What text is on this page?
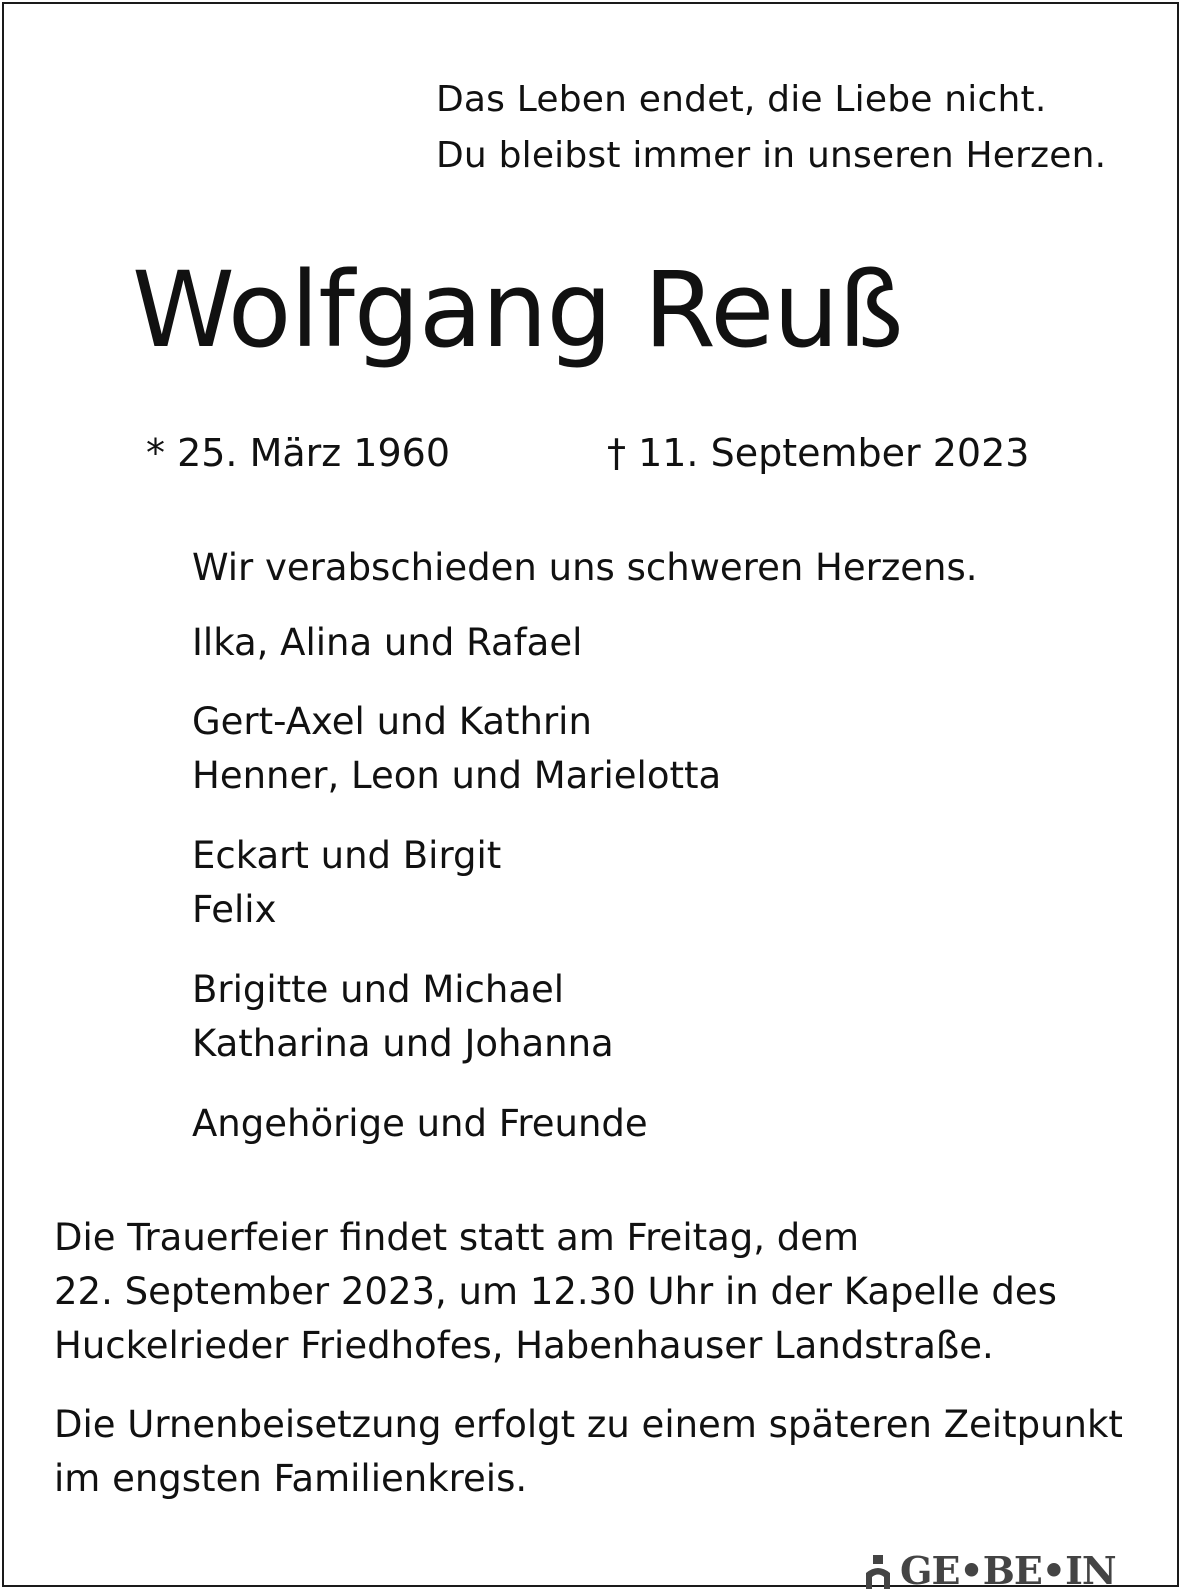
Das Leben endet, die Liebe nicht.
Du bleibst immer in unseren Herzen.
Wolfgang Reuß
* 25. März 1960	† 11. September 2023
Wir verabschieden uns schweren Herzens.
Ilka, Alina und Rafael
Gert-Axel und Kathrin
Henner, Leon und Marielotta
Eckart und Birgit
Felix
Brigitte und Michael
Katharina und Johanna
Angehörige und Freunde
Die Trauerfeier findet statt am Freitag, dem
22. September 2023, um 12.30 Uhr in der Kapelle des
Huckelrieder Friedhofes, Habenhauser Landstraße.
Die Urnenbeisetzung erfolgt zu einem späteren Zeitpunkt
im engsten Familienkreis.
GE•BE•IN
